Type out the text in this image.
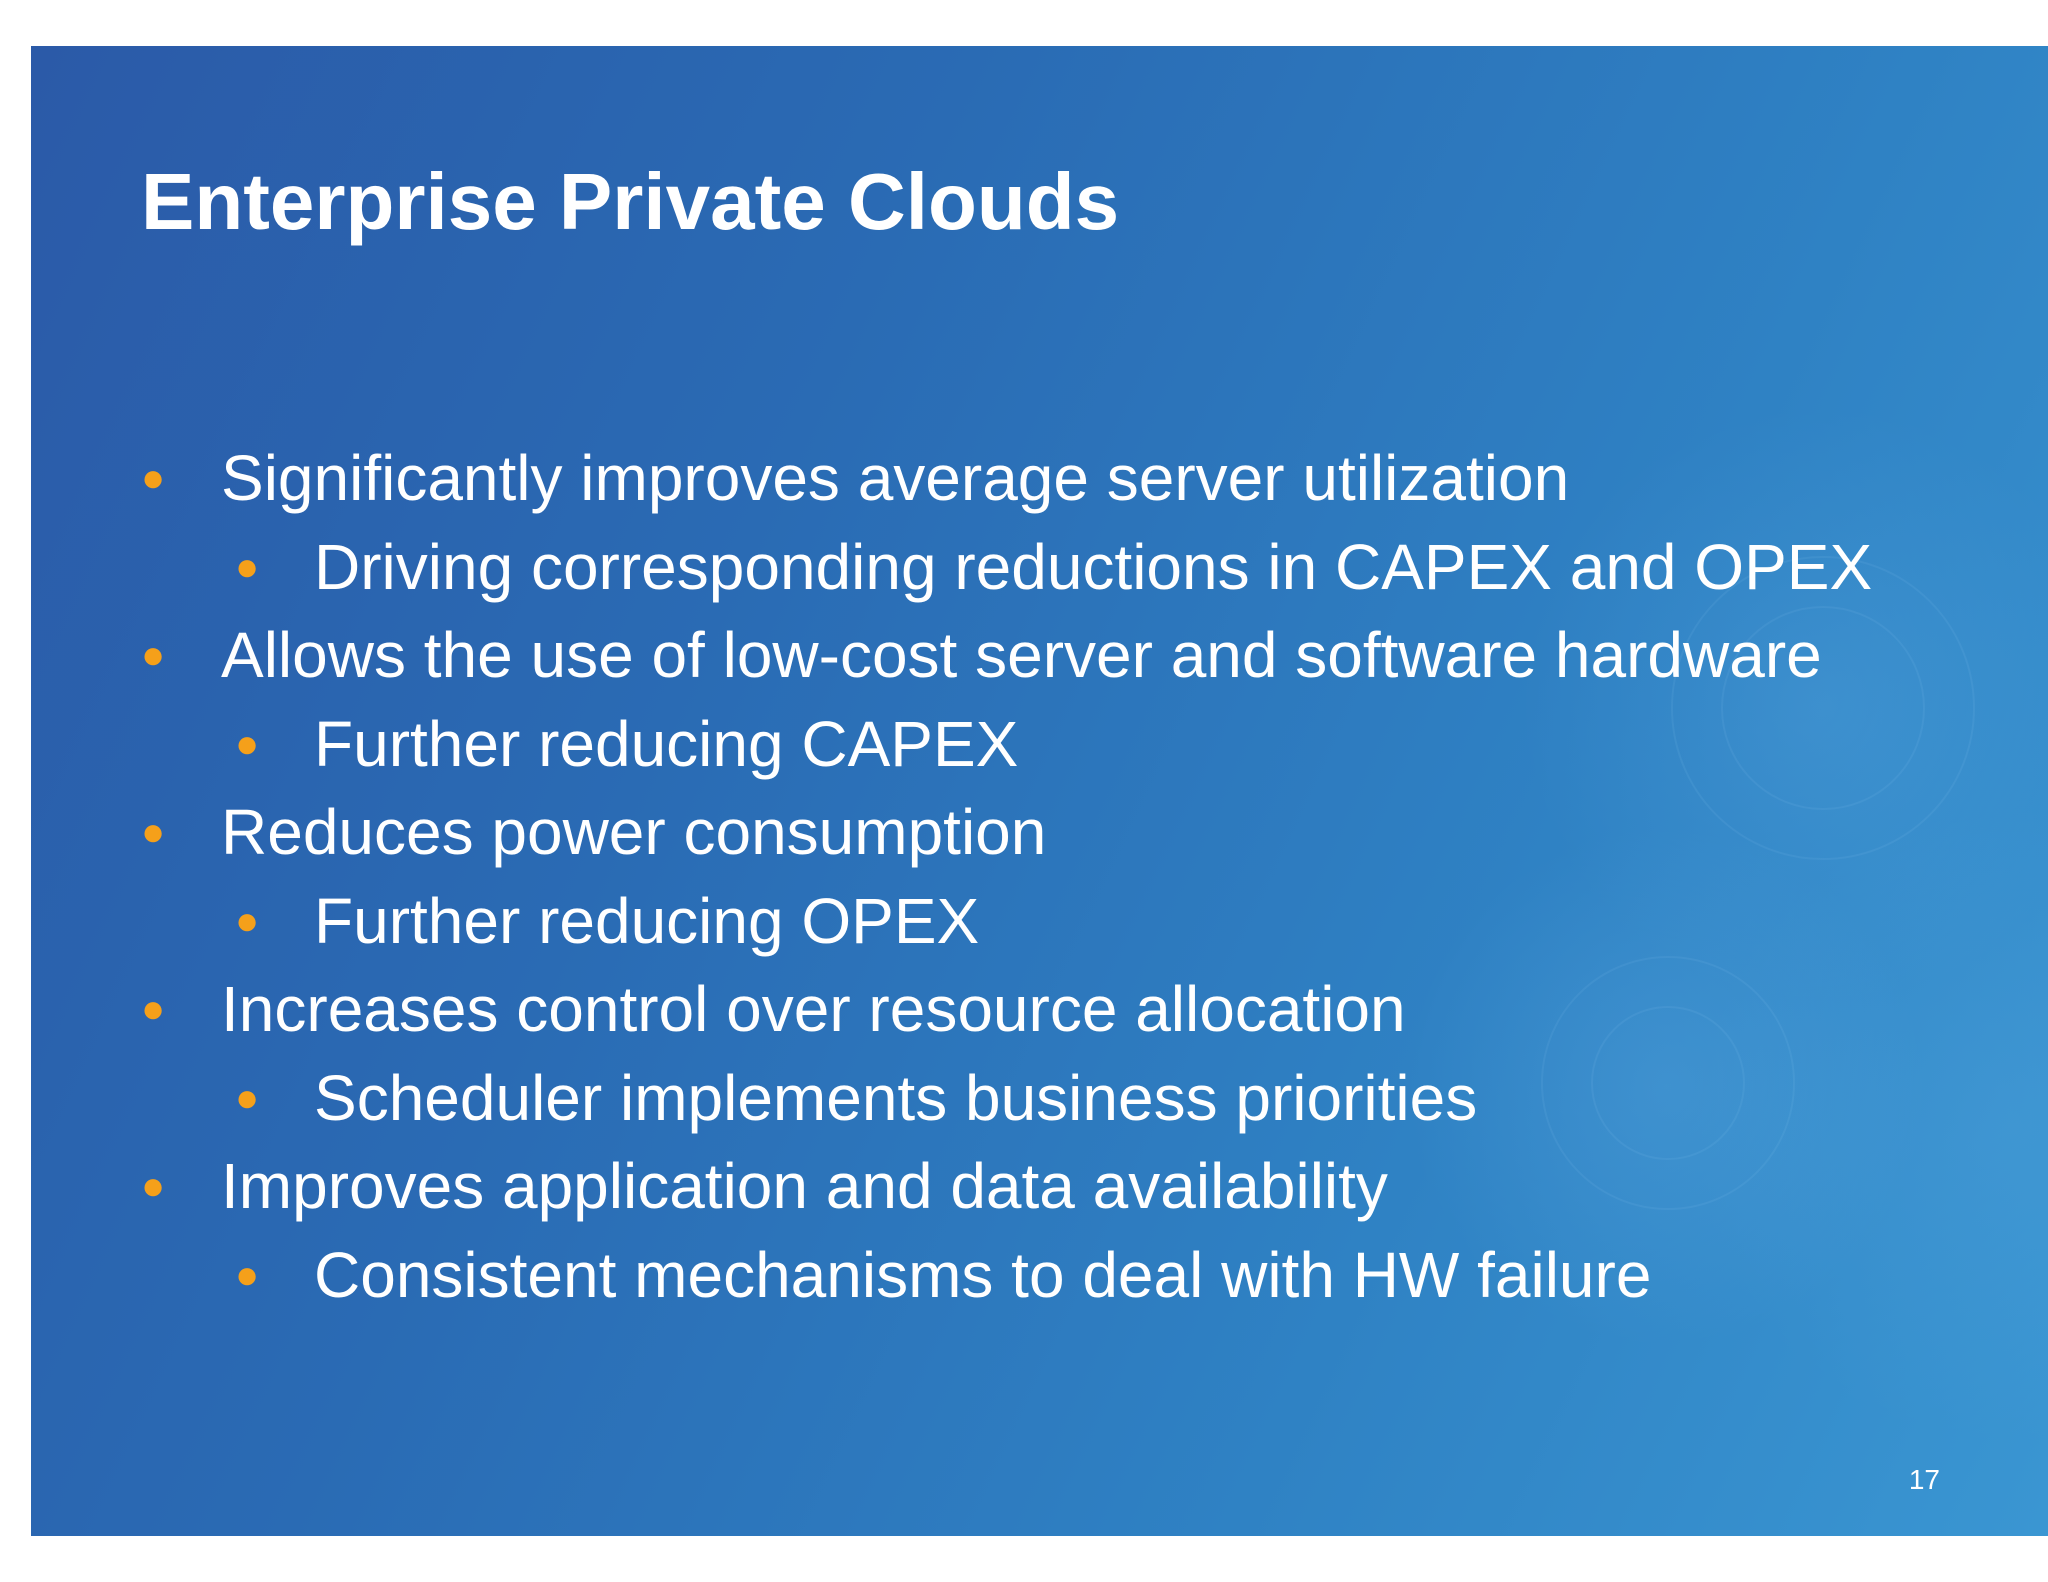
Enterprise Private Clouds
● Significantly improves average server utilization
● Driving corresponding reductions in CAPEX and OPEX
● Allows the use of low-cost server and software hardware
● Further reducing CAPEX
● Reduces power consumption
● Further reducing OPEX
● Increases control over resource allocation
● Scheduler implements business priorities
● Improves application and data availability
● Consistent mechanisms to deal with HW failure
17
